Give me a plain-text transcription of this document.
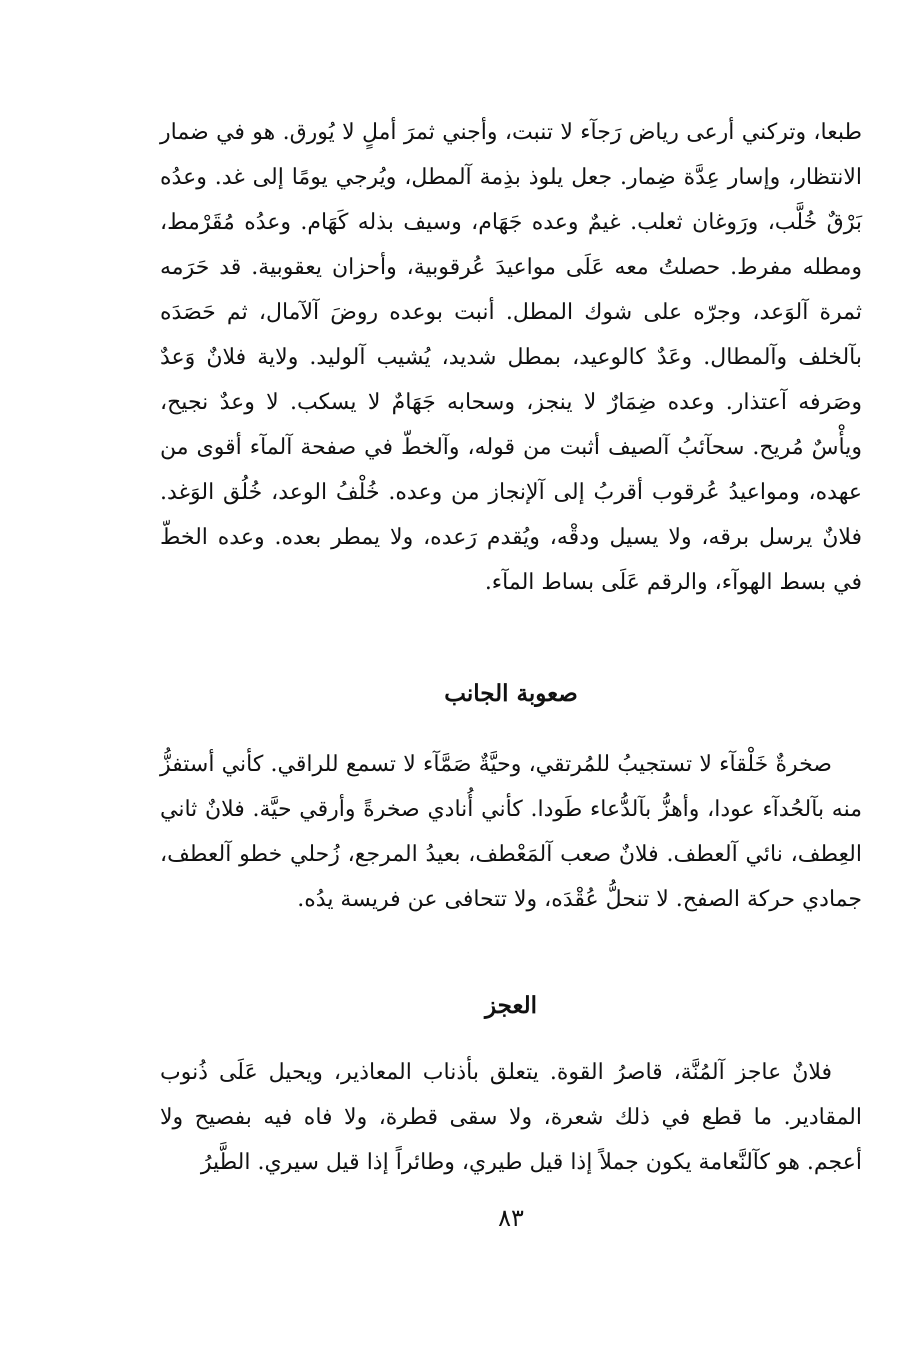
طبعا، وتركني أرعى رياض رَجآء لا تنبت، وأجني ثمرَ أملٍ لا يُورق. هو في ضمار الانتظار، وإسار عِدَّة ضِمار. جعل يلوذ بذِمة آلمطل، ويُرجي يومًا إلى غد. وعدُه بَرْقٌ خُلَّب، ورَوغان ثعلب. غيمٌ وعده جَهَام، وسيف بذله كَهَام. وعدُه مُقَرْمط، ومطله مفرط. حصلتُ معه عَلَى مواعيدَ عُرقوبية، وأحزان يعقوبية. قد حَرَمه ثمرة آلوَعد، وجرّه على شوك المطل. أنبت بوعده روضَ آلآمال، ثم حَصَدَه بآلخلف وآلمطال. وعَدٌ كالوعيد، بمطل شديد، يُشيب آلوليد. ولاية فلانٌ وَعدٌ وصَرفه آعتذار. وعده ضِمَارٌ لا ينجز، وسحابه جَهَامٌ لا يسكب. لا وعدٌ نجيح، ويأْسٌ مُريح. سحآئبُ آلصيف أثبت من قوله، وآلخطّ في صفحة آلمآء أقوى من عهده، ومواعيدُ عُرقوب أقربُ إلى آلإنجاز من وعده. خُلْفُ الوعد، خُلُق الوَغد. فلانٌ يرسل برقه، ولا يسيل ودقْه، ويُقدم رَعده، ولا يمطر بعده. وعده الخطّ في بسط الهوآء، والرقم عَلَى بساط المآء.

صعوبة الجانب

صخرةٌ خَلْقآء لا تستجيبُ للمُرتقي، وحيَّةٌ صَمَّآء لا تسمع للراقي. كأني أستفزُّ منه بآلحُدآء عودا، وأهزُّ بآلدُّعاء طَودا. كأني أُنادي صخرةً وأرقي حيَّة. فلانٌ ثاني العِطف، نائي آلعطف. فلانٌ صعب آلمَعْطف، بعيدُ المرجع، زُحلي خطو آلعطف، جمادي حركة الصفح. لا تنحلُّ عُقْدَه، ولا تتحافى عن فريسة يدُه.

العجز

فلانٌ عاجز آلمُنَّة، قاصرُ القوة. يتعلق بأذناب المعاذير، ويحيل عَلَى ذُنوب المقادير. ما قطع في ذلك شعرة، ولا سقى قطرة، ولا فاه فيه بفصيح ولا أعجم. هو كآلنَّعامة يكون جملاً إذا قيل طيري، وطائراً إذا قيل سيري. الطَّيرُ

٨٣
